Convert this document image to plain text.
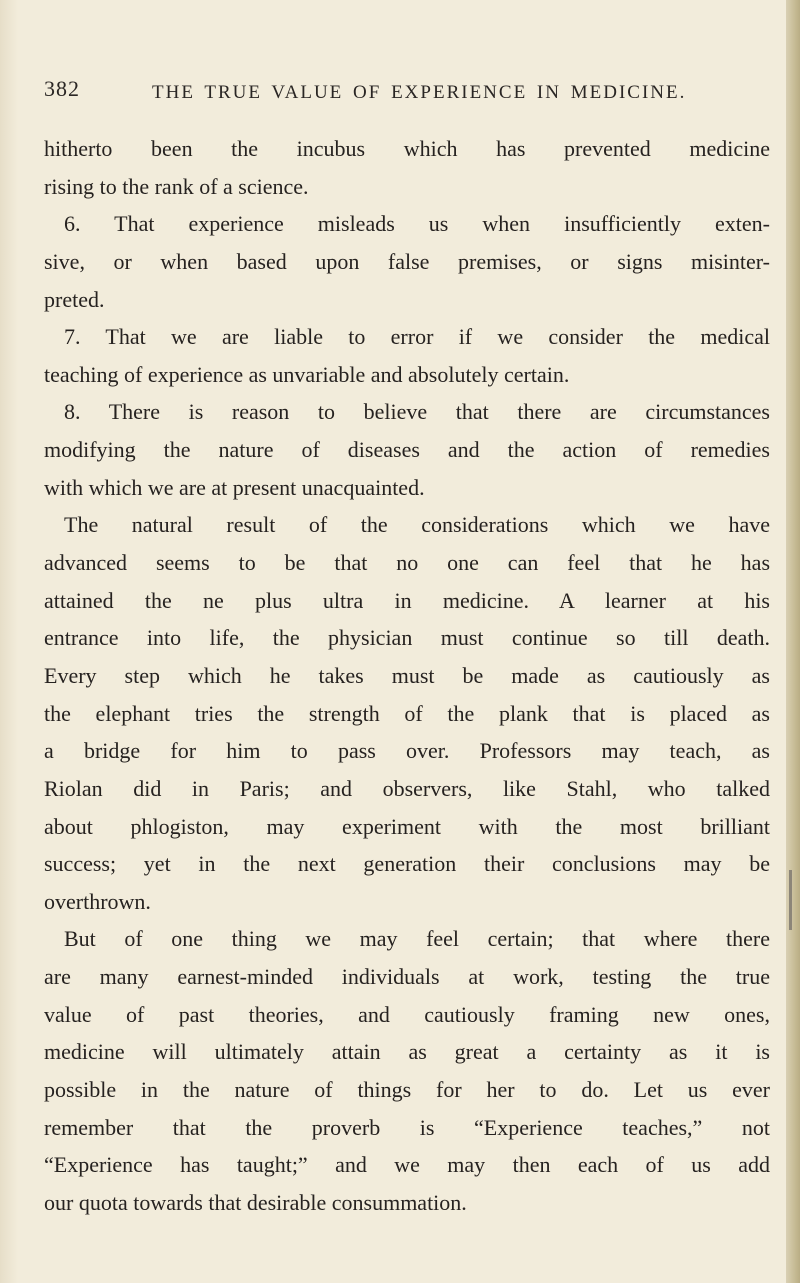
382	THE TRUE VALUE OF EXPERIENCE IN MEDICINE.
hitherto been the incubus which has prevented medicine
rising to the rank of a science.
6. That experience misleads us when insufficiently exten-
sive, or when based upon false premises, or signs misinter-
preted.
7. That we are liable to error if we consider the medical
teaching of experience as unvariable and absolutely certain.
8. There is reason to believe that there are circumstances
modifying the nature of diseases and the action of remedies
with which we are at present unacquainted.
The natural result of the considerations which we have
advanced seems to be that no one can feel that he has
attained the ne plus ultra in medicine. A learner at his
entrance into life, the physician must continue so till death.
Every step which he takes must be made as cautiously as
the elephant tries the strength of the plank that is placed as
a bridge for him to pass over. Professors may teach, as
Riolan did in Paris; and observers, like Stahl, who talked
about phlogiston, may experiment with the most brilliant
success; yet in the next generation their conclusions may be
overthrown.
But of one thing we may feel certain; that where there
are many earnest-minded individuals at work, testing the true
value of past theories, and cautiously framing new ones,
medicine will ultimately attain as great a certainty as it is
possible in the nature of things for her to do. Let us ever
remember that the proverb is “Experience teaches,” not
“Experience has taught;” and we may then each of us add
our quota towards that desirable consummation.
